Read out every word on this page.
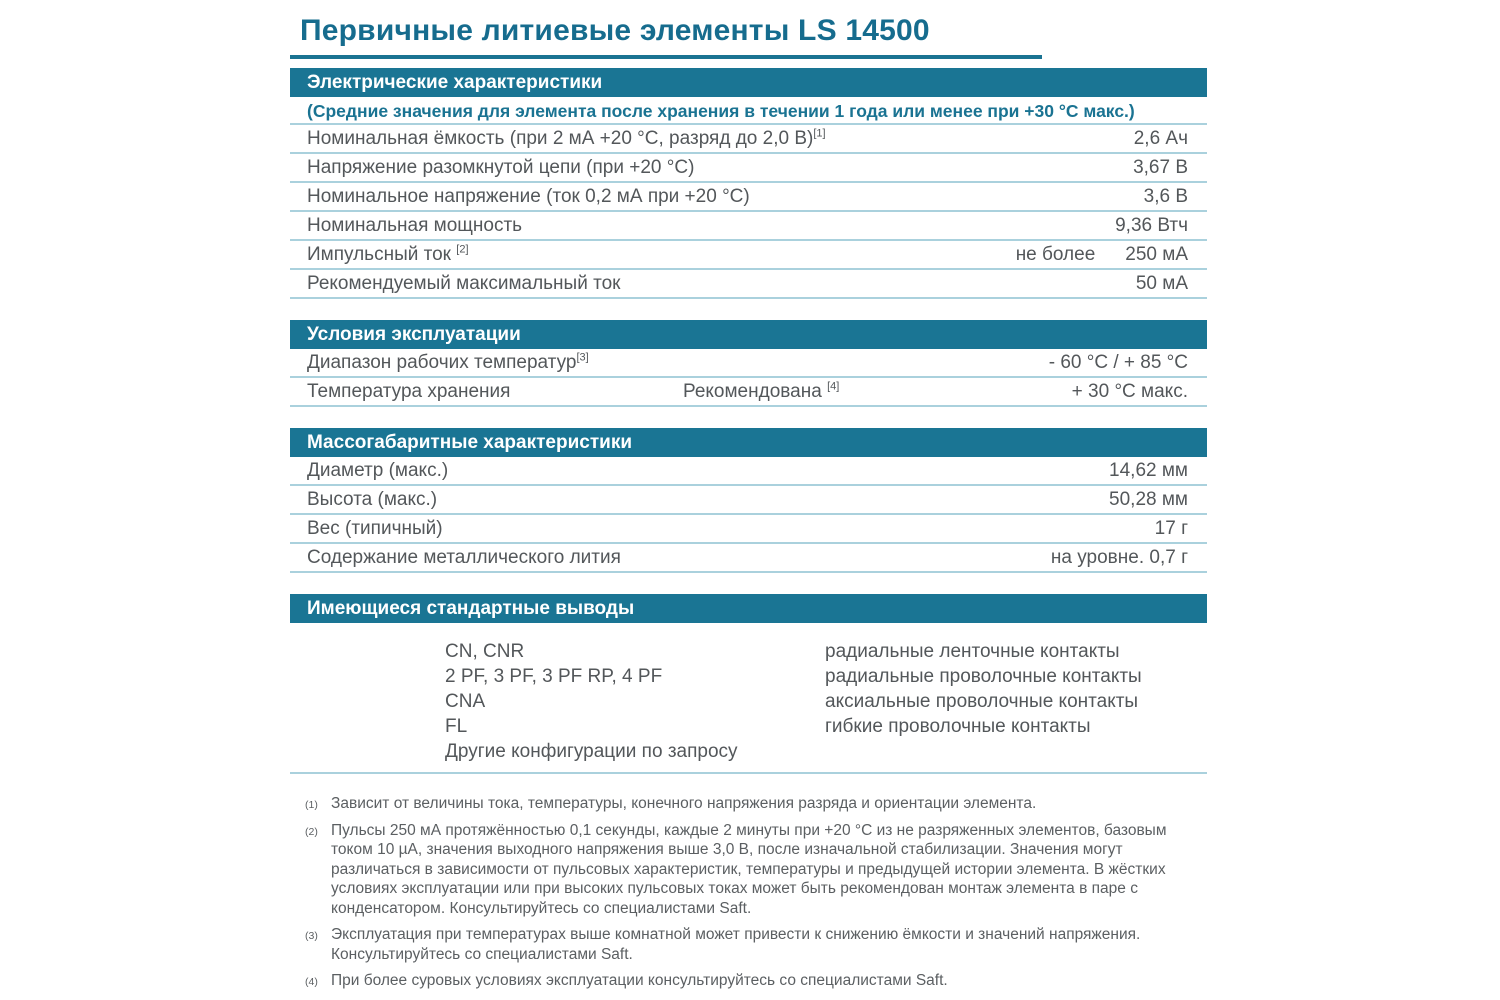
Первичные литиевые элементы LS 14500
Электрические характеристики
(Средние значения для элемента после хранения в течении 1 года или менее при +30 °C макс.)
Номинальная ёмкость (при 2 мА +20 °C, разряд до 2,0 В)[1]	2,6 Ач
Напряжение разомкнутой цепи (при +20 °C)	3,67 В
Номинальное напряжение (ток 0,2 мА при +20 °C)	3,6 В
Номинальная мощность	9,36 Втч
Импульсный ток [2]	не более 250 мА
Рекомендуемый максимальный ток	50 мА
Условия эксплуатации
Диапазон рабочих температур[3]	- 60 °C / + 85 °C
Температура хранения	Рекомендована [4]	+ 30 °C макс.
Массогабаритные характеристики
Диаметр (макс.)	14,62 мм
Высота (макс.)	50,28 мм
Вес (типичный)	17 г
Содержание металлического лития	на уровне. 0,7 г
Имеющиеся стандартные выводы
CN, CNR	радиальные ленточные контакты
2 PF, 3 PF, 3 PF RP, 4 PF	радиальные проволочные контакты
CNA	аксиальные проволочные контакты
FL	гибкие проволочные контакты
Другие конфигурации по запросу
(1) Зависит от величины тока, температуры, конечного напряжения разряда и ориентации элемента.
(2) Пульсы 250 мА протяжённостью 0,1 секунды, каждые 2 минуты при +20 °C из не разряженных элементов, базовым током 10 µА, значения выходного напряжения выше 3,0 В, после изначальной стабилизации. Значения могут различаться в зависимости от пульсовых характеристик, температуры и предыдущей истории элемента. В жёстких условиях эксплуатации или при высоких пульсовых токах может быть рекомендован монтаж элемента в паре с конденсатором. Консультируйтесь со специалистами Saft.
(3) Эксплуатация при температурах выше комнатной может привести к снижению ёмкости и значений напряжения. Консультируйтесь со специалистами Saft.
(4) При более суровых условиях эксплуатации консультируйтесь со специалистами Saft.
